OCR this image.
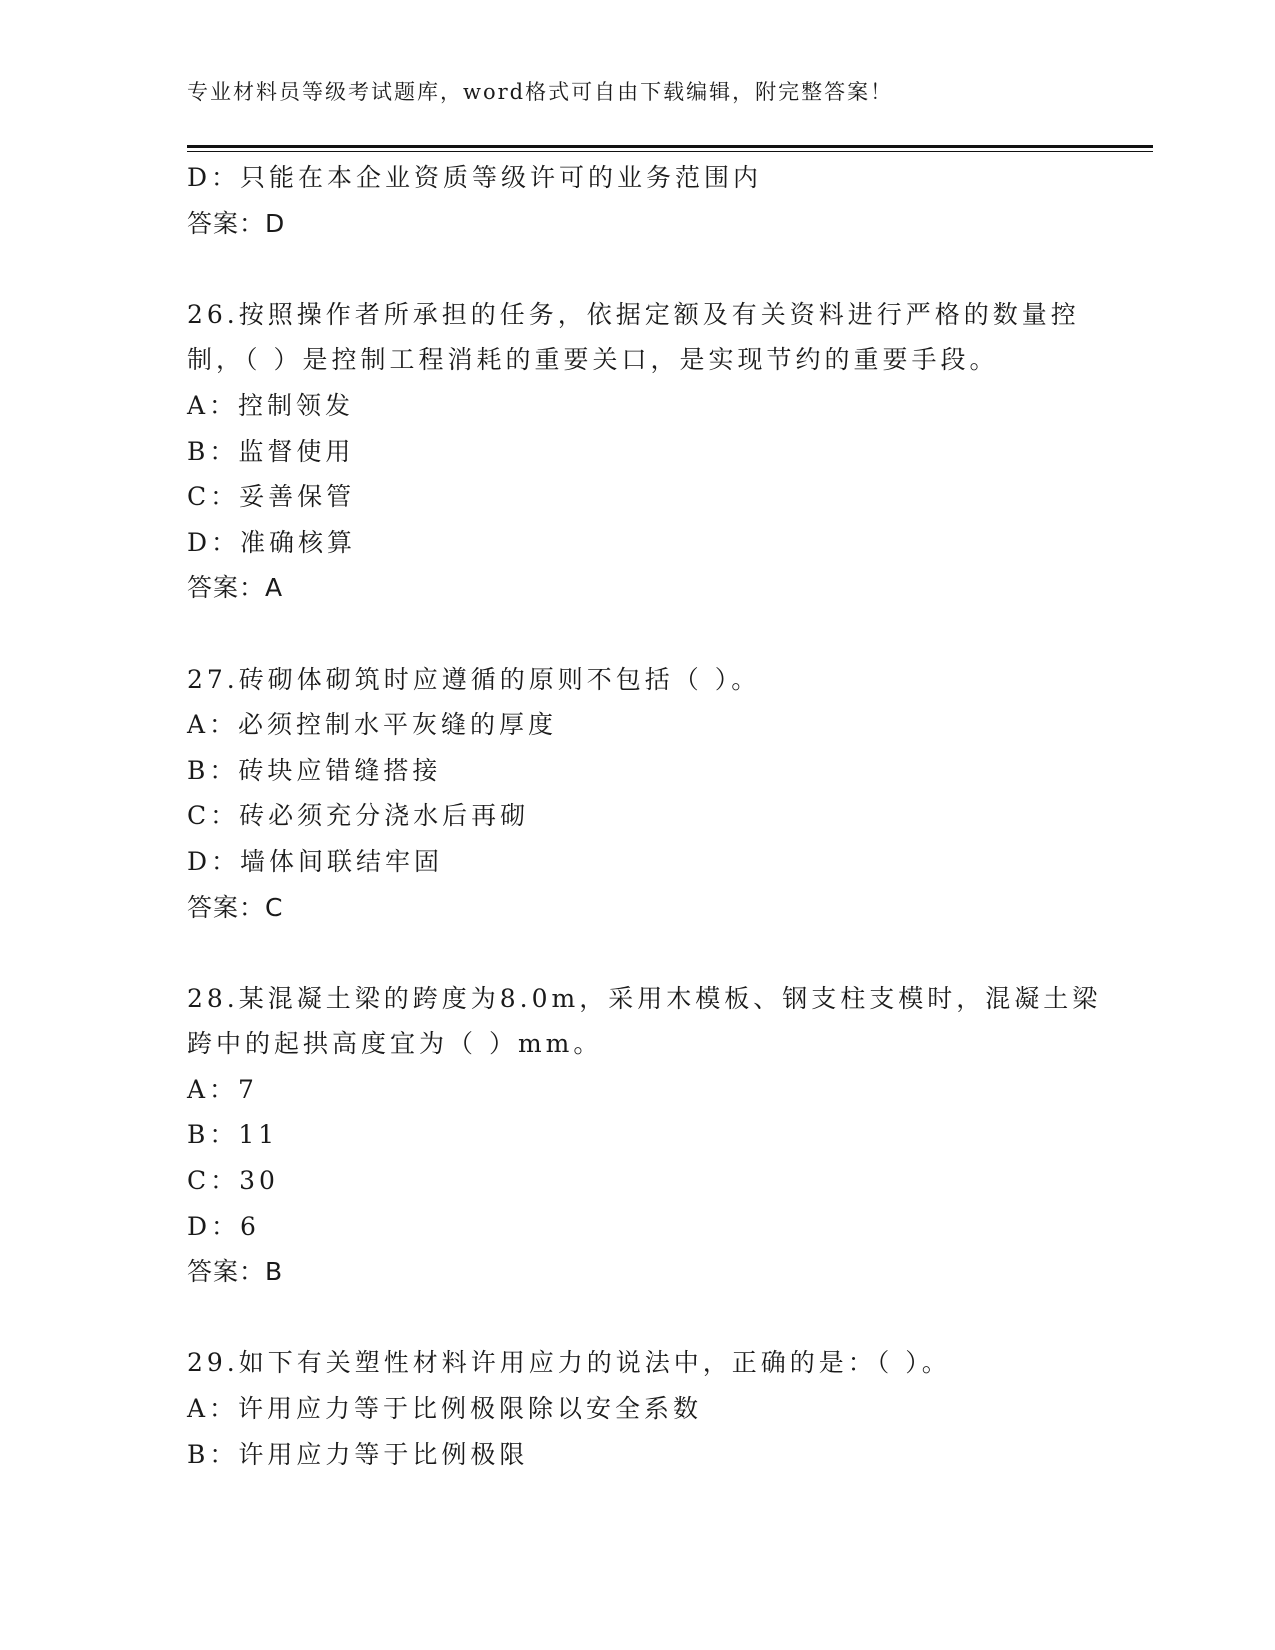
专业材料员等级考试题库，word格式可自由下载编辑，附完整答案！
D：只能在本企业资质等级许可的业务范围内
答案：D
26.按照操作者所承担的任务，依据定额及有关资料进行严格的数量控
制，（ ）是控制工程消耗的重要关口，是实现节约的重要手段。
A：控制领发
B：监督使用
C：妥善保管
D：准确核算
答案：A
27.砖砌体砌筑时应遵循的原则不包括（ ）。
A：必须控制水平灰缝的厚度
B：砖块应错缝搭接
C：砖必须充分浇水后再砌
D：墙体间联结牢固
答案：C
28.某混凝土梁的跨度为8.0m，采用木模板、钢支柱支模时，混凝土梁
跨中的起拱高度宜为（ ）mm。
A：7
B：11
C：30
D：6
答案：B
29.如下有关塑性材料许用应力的说法中，正确的是：（ ）。
A：许用应力等于比例极限除以安全系数
B：许用应力等于比例极限
